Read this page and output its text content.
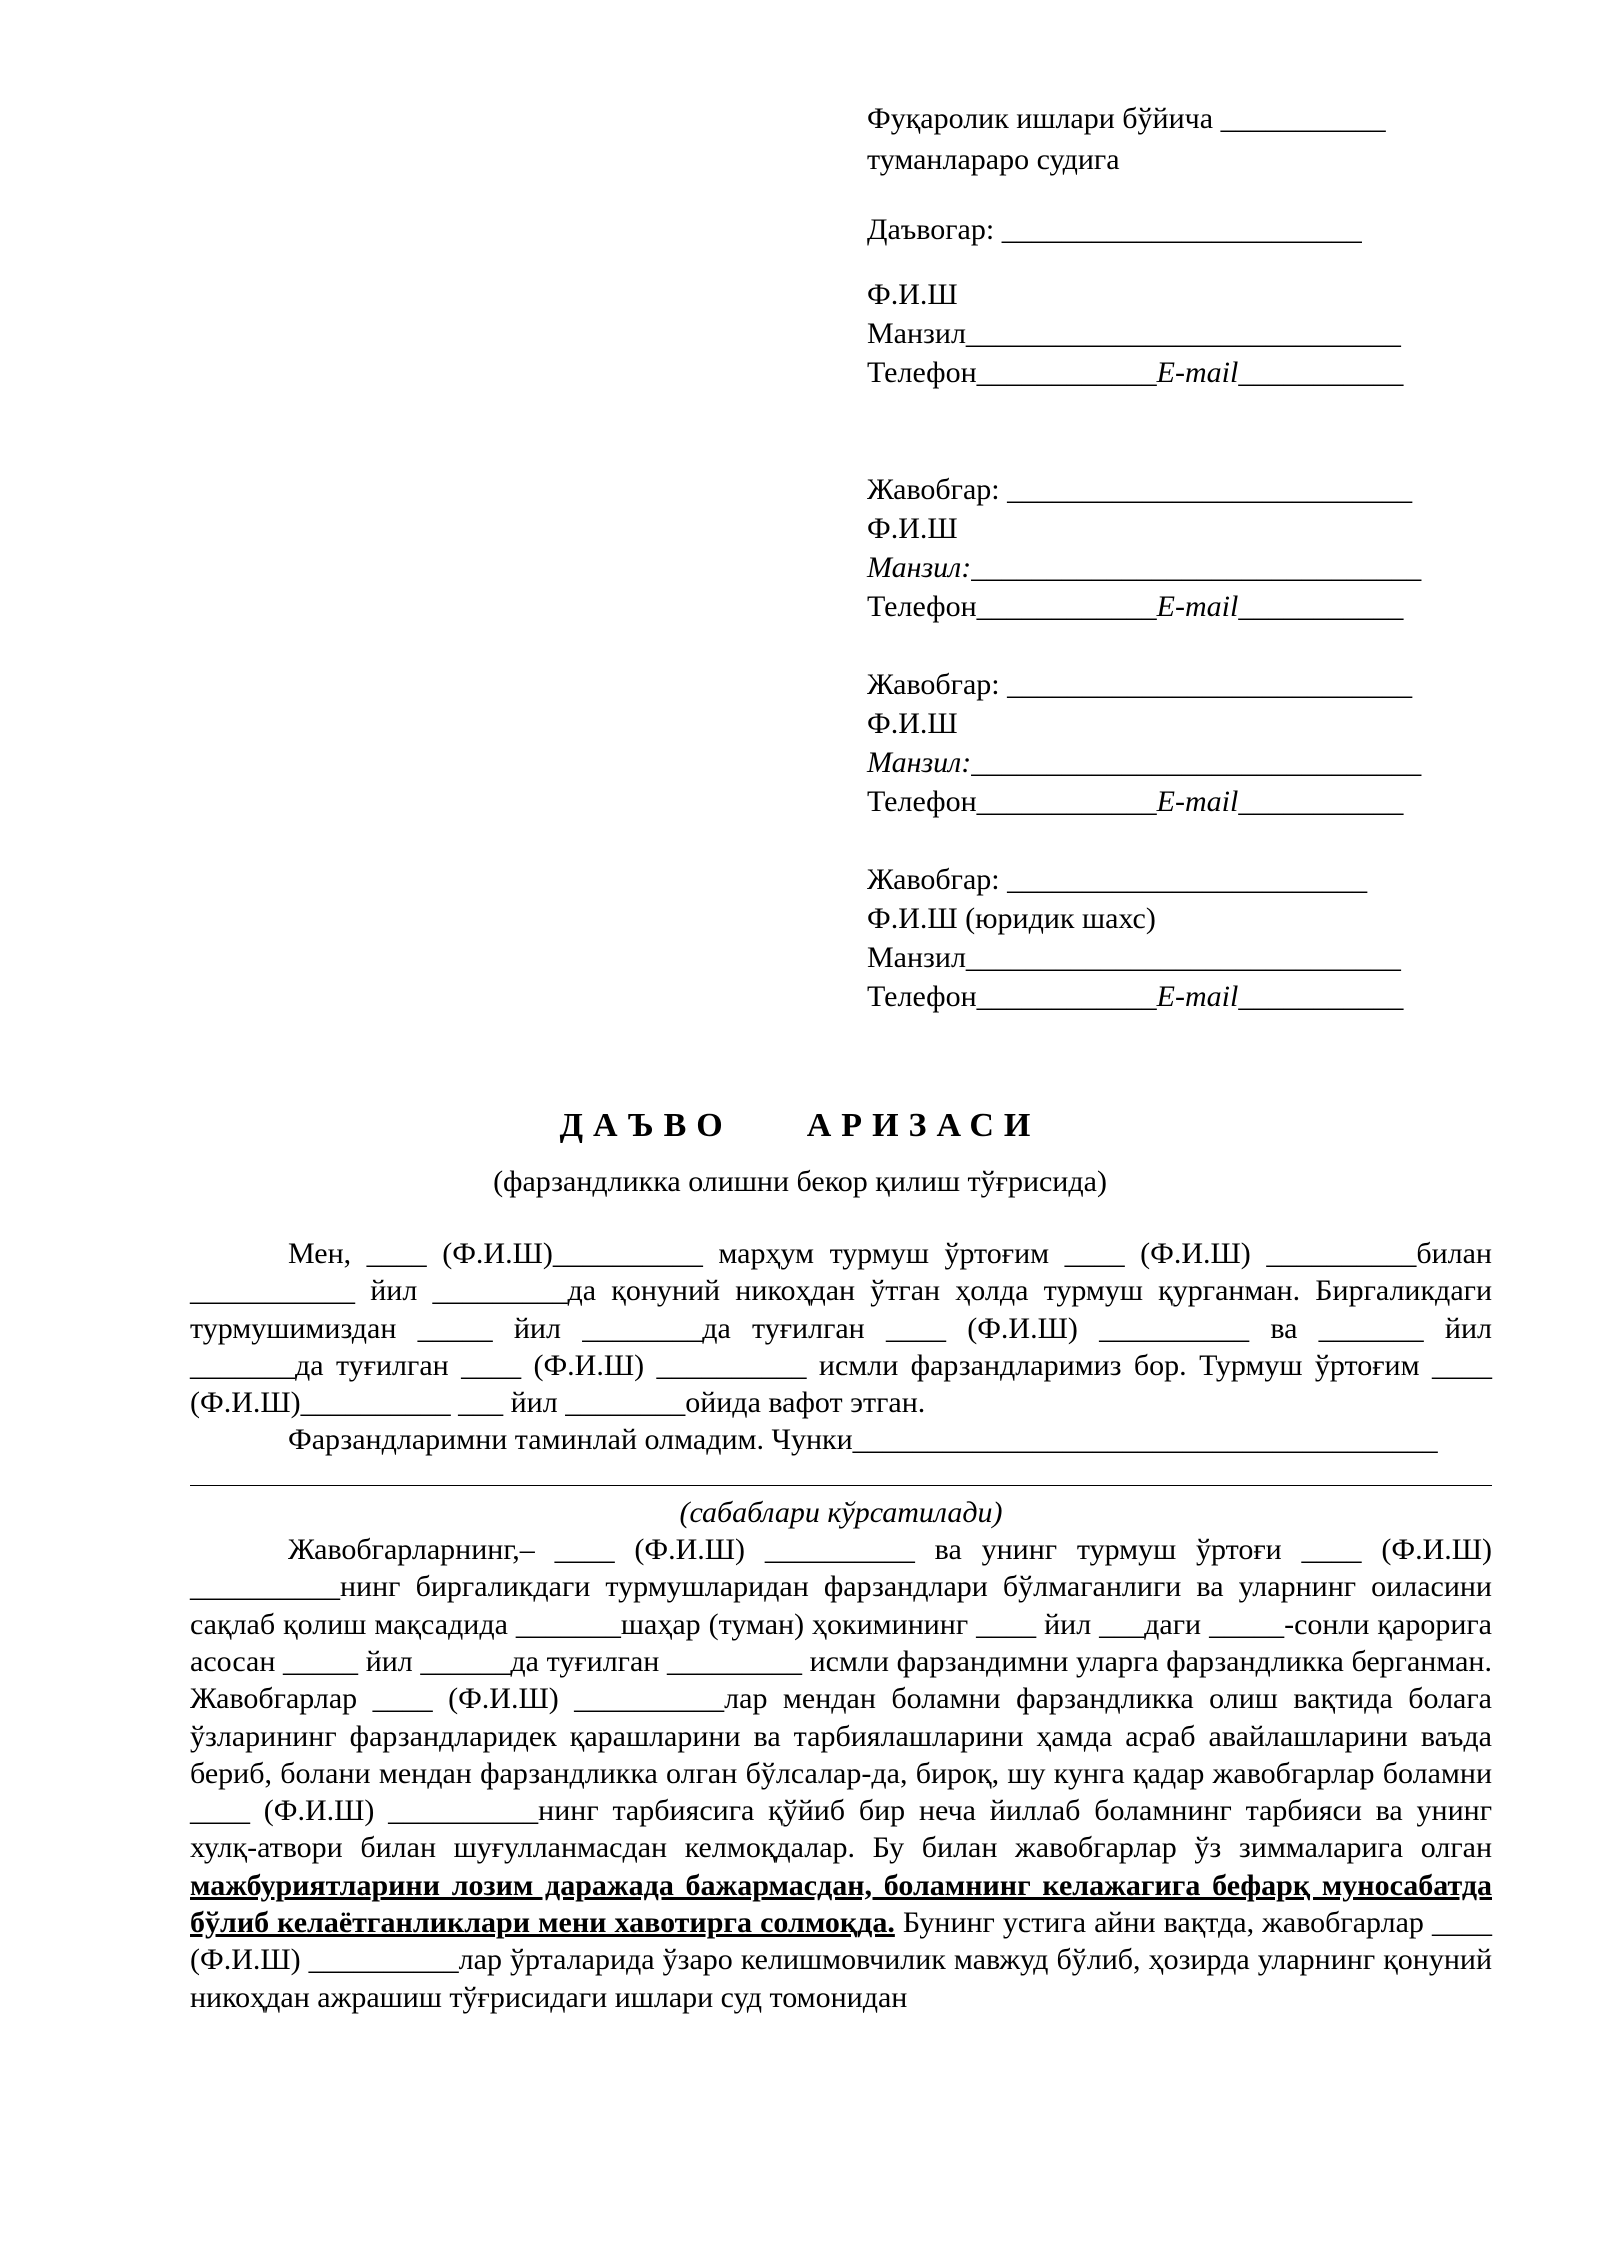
Фуқаролик ишлари бўйича ___________
туманлараро судига
Даъвогар: ________________________
Ф.И.Ш
Манзил_____________________________
Телефон____________E-mail___________
Жавобгар: ___________________________
Ф.И.Ш
Манзил:______________________________
Телефон____________E-mail___________
Жавобгар: ___________________________
Ф.И.Ш
Манзил:______________________________
Телефон____________E-mail___________
Жавобгар: ________________________
Ф.И.Ш (юридик шахс)
Манзил_____________________________
Телефон____________E-mail___________
ДАЪВО    АРИЗАСИ
(фарзандликка олишни бекор қилиш тўғрисида)

Мен, ____ (Ф.И.Ш)__________ марҳум турмуш ўртоғим ____ (Ф.И.Ш) __________билан ___________ йил _________да қонуний никоҳдан ўтган ҳолда турмуш қурганман. Биргаликдаги турмушимиздан _____ йил ________да туғилган ____ (Ф.И.Ш) __________ ва _______ йил _______да туғилган ____ (Ф.И.Ш) __________ исмли фарзандларимиз бор. Турмуш ўртоғим ____ (Ф.И.Ш)__________ ___ йил ________ойида вафот этган.

Фарзандларимни таминлай олмадим. Чунки_______________________________________

(сабаблари кўрсатилади)

Жавобгарларнинг,– ____ (Ф.И.Ш) __________ ва унинг турмуш ўртоғи ____ (Ф.И.Ш) __________нинг биргаликдаги турмушларидан фарзандлари бўлмаганлиги ва уларнинг оиласини сақлаб қолиш мақсадида _______шаҳар (туман) ҳокимининг ____ йил ___даги _____-сонли қарорига асосан _____ йил ______да туғилган _________ исмли фарзандимни уларга фарзандликка берганман. Жавобгарлар ____ (Ф.И.Ш) __________лар мендан боламни фарзандликка олиш вақтида болага ўзларининг фарзандларидек қарашларини ва тарбиялашларини ҳамда асраб авайлашларини ваъда бериб, болани мендан фарзандликка олган бўлсалар-да, бироқ, шу кунга қадар жавобгарлар боламни ____ (Ф.И.Ш) __________нинг тарбиясига қўйиб бир неча йиллаб боламнинг тарбияси ва унинг хулқ-атвори билан шуғулланмасдан келмоқдалар. Бу билан жавобгарлар ўз зиммаларига олган мажбуриятларини лозим даражада бажармасдан, боламнинг келажагига бефарқ муносабатда бўлиб келаётганликлари мени хавотирга солмоқда. Бунинг устига айни вақтда, жавобгарлар ____ (Ф.И.Ш) __________лар ўрталарида ўзаро келишмовчилик мавжуд бўлиб, ҳозирда уларнинг қонуний никоҳдан ажрашиш тўғрисидаги ишлари суд томонидан
